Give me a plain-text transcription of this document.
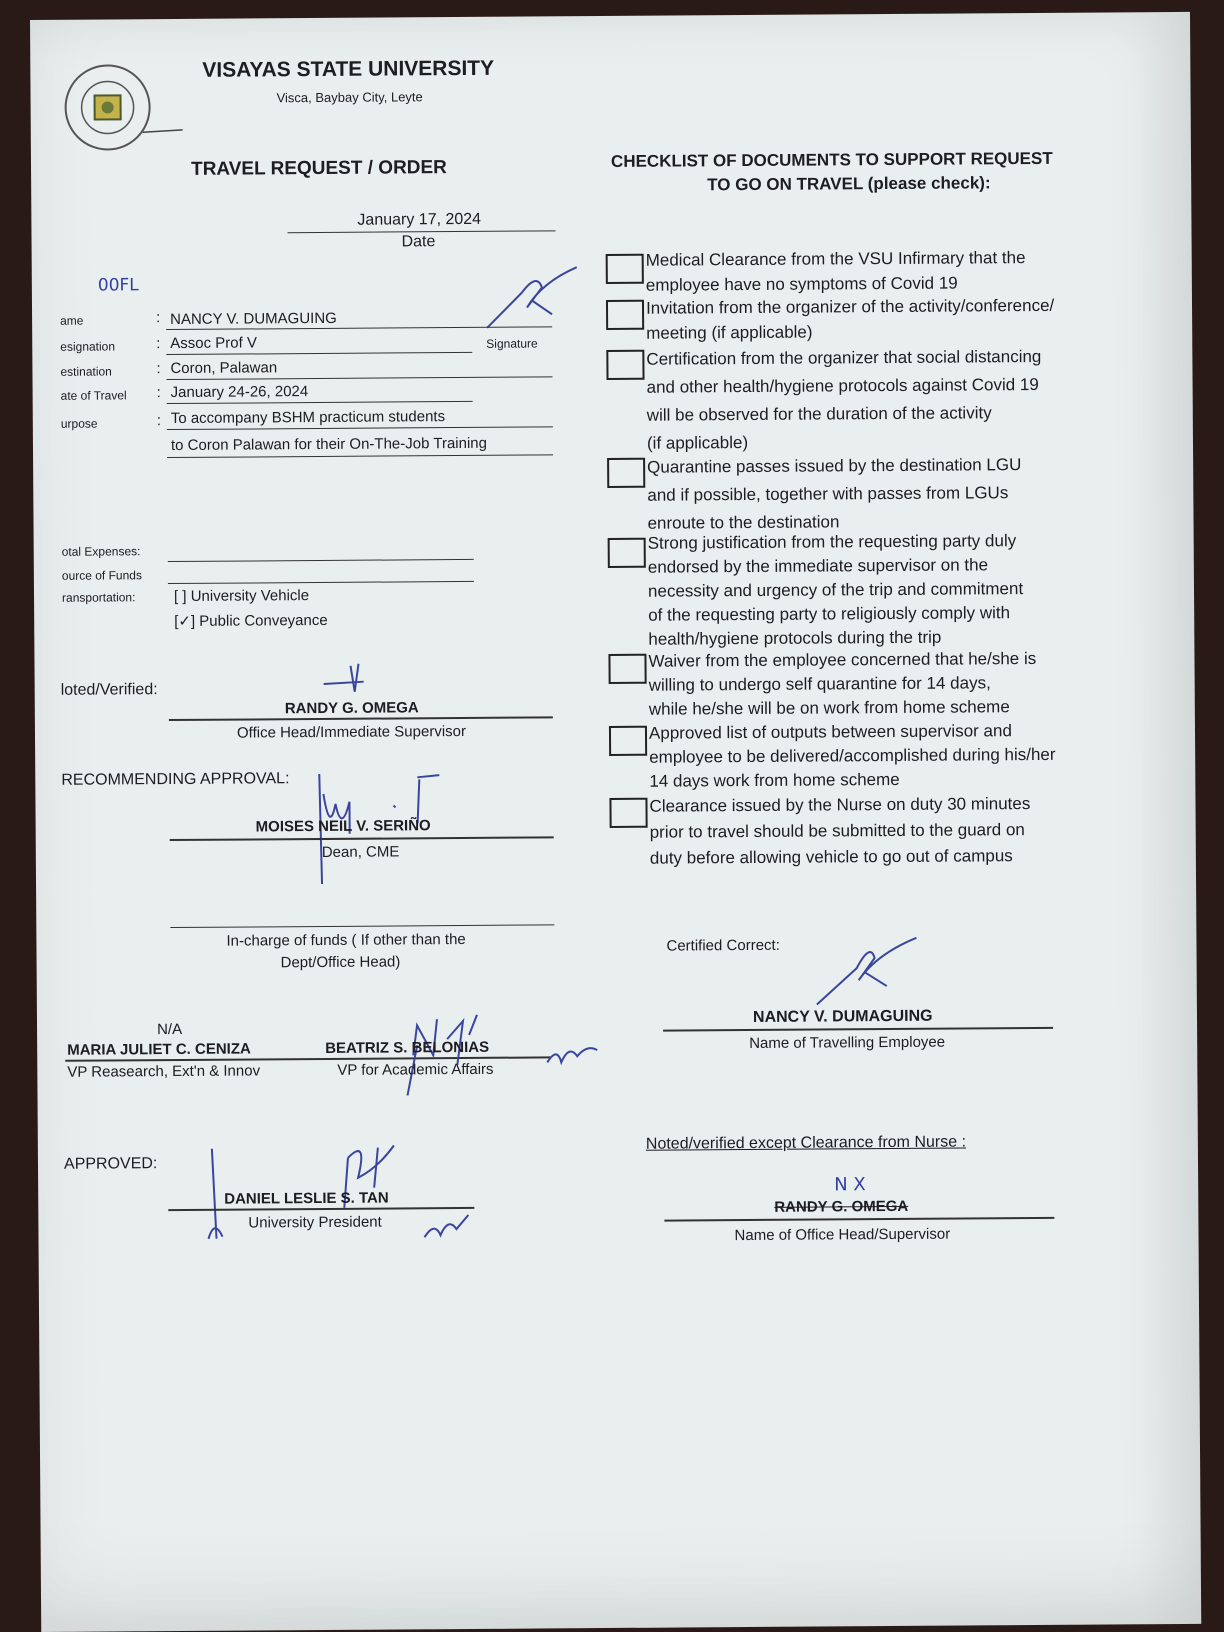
VISAYAS STATE UNIVERSITY
Visca, Baybay City, Leyte
TRAVEL REQUEST / ORDER
January 17, 2024
Date
00FL
ame	: NANCY V. DUMAGUING
esignation	: Assoc Prof V	Signature
estination	: Coron, Palawan
ate of Travel : January 24-26, 2024
urpose	: To accompany BSHM practicum students
to Coron Palawan for their On-The-Job Training
otal Expenses:
ource of Funds
ransportation:	[ ] University Vehicle
[✓] Public Conveyance
loted/Verified:
RANDY G. OMEGA
Office Head/Immediate Supervisor
RECOMMENDING APPROVAL:
MOISES NEIL V. SERIÑO
Dean, CME
In-charge of funds ( If other than the
Dept/Office Head)
N/A
MARIA JULIET C. CENIZA
VP Reasearch, Ext'n & Innov
BEATRIZ S. BELONIAS
VP for Academic Affairs
APPROVED:
DANIEL LESLIE S. TAN
University President
CHECKLIST OF DOCUMENTS TO SUPPORT REQUEST
TO GO ON TRAVEL (please check):
Medical Clearance from the VSU Infirmary that the
employee have no symptoms of Covid 19
Invitation from the organizer of the activity/conference/
meeting (if applicable)
Certification from the organizer that social distancing
and other health/hygiene protocols against Covid 19
will be observed for the duration of the activity
(if applicable)
Quarantine passes issued by the destination LGU
and if possible, together with passes from LGUs
enroute to the destination
Strong justification from the requesting party duly
endorsed by the immediate supervisor on the
necessity and urgency of the trip and commitment
of the requesting party to religiously comply with
health/hygiene protocols during the trip
Waiver from the employee concerned that he/she is
willing to undergo self quarantine for 14 days,
while he/she will be on work from home scheme
Approved list of outputs between supervisor and
employee to be delivered/accomplished during his/her
14 days work from home scheme
Clearance issued by the Nurse on duty 30 minutes
prior to travel should be submitted to the guard on
duty before allowing vehicle to go out of campus
Certified Correct:
NANCY V. DUMAGUING
Name of Travelling Employee
Noted/verified except Clearance from Nurse :
N X
RANDY G. OMEGA
Name of Office Head/Supervisor
